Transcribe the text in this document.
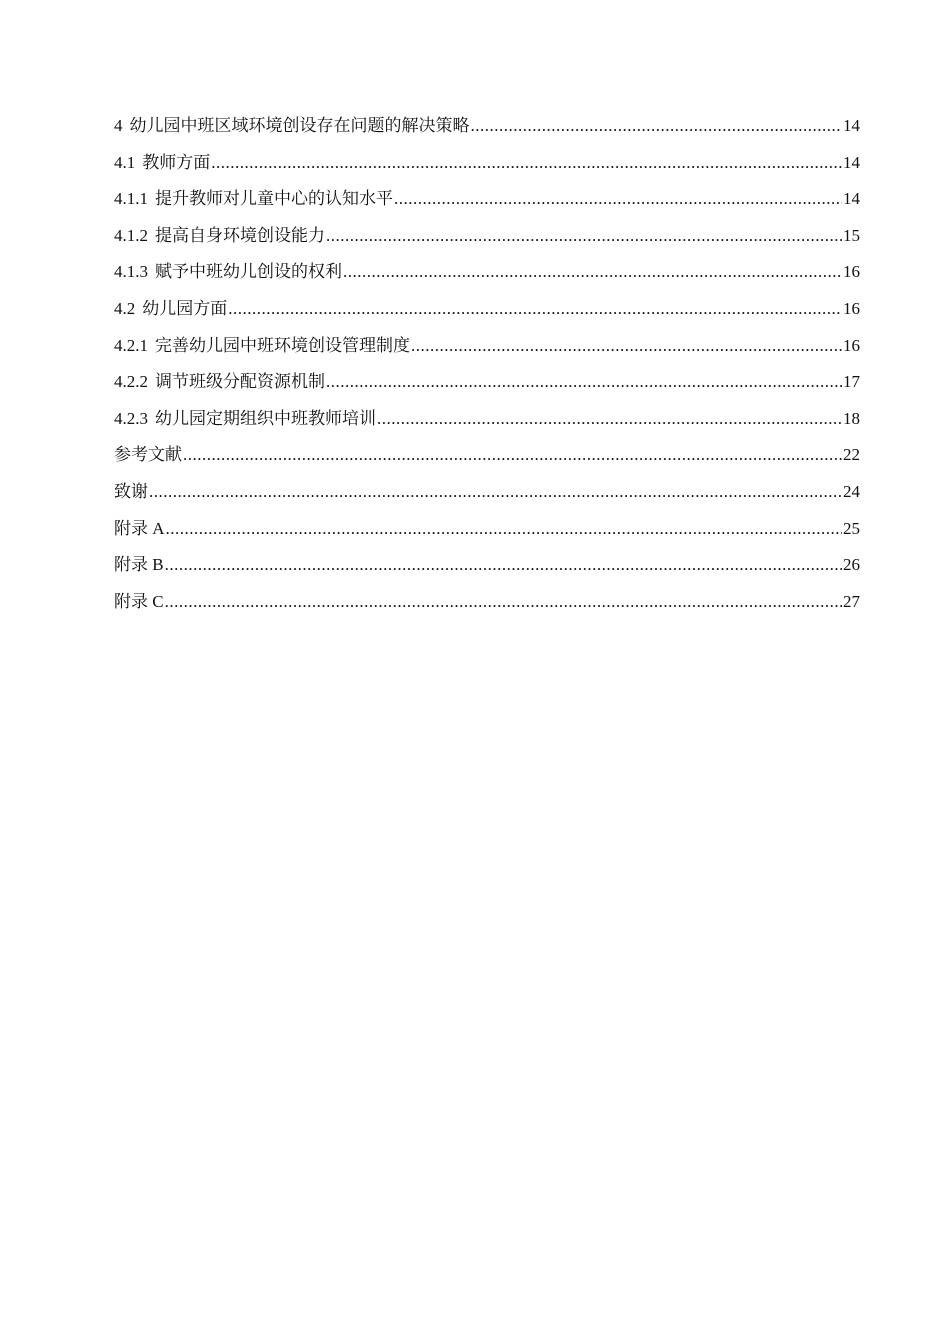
4 幼儿园中班区域环境创设存在问题的解决策略 .....	14
4.1 教师方面 .....	14
4.1.1 提升教师对儿童中心的认知水平 .....	14
4.1.2 提高自身环境创设能力 .....	15
4.1.3 赋予中班幼儿创设的权利 .....	16
4.2 幼儿园方面 .....	16
4.2.1 完善幼儿园中班环境创设管理制度 .....	16
4.2.2 调节班级分配资源机制 .....	17
4.2.3 幼儿园定期组织中班教师培训 .....	18
参考文献 .....	22
致谢 .....	24
附录 A .....	25
附录 B .....	26
附录 C .....	27
